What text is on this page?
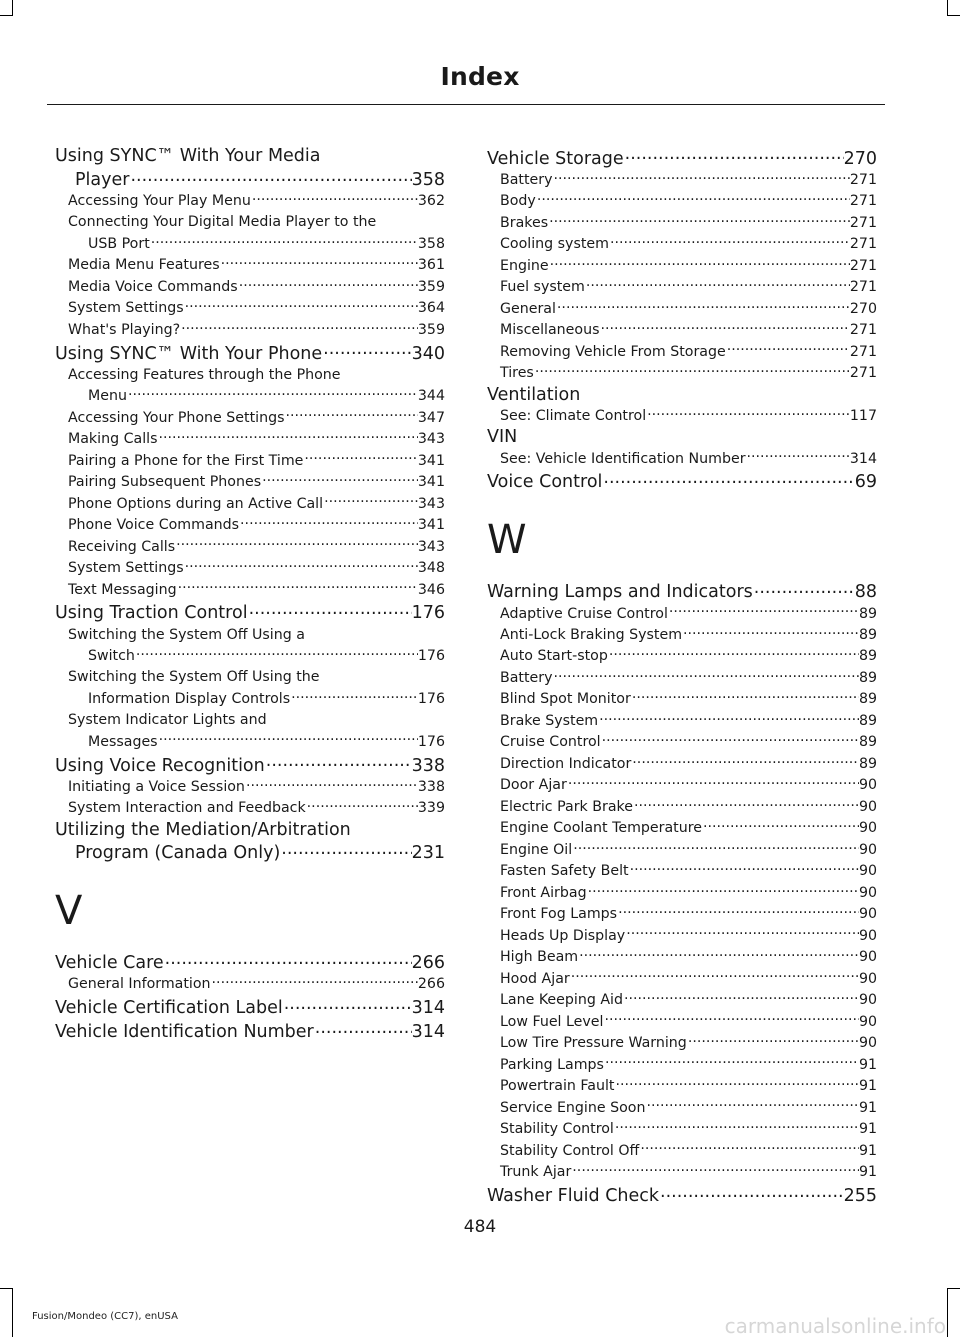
Index
Using SYNC™ With Your Media
Player .....	358
Accessing Your Play Menu .....	362
Connecting Your Digital Media Player to the
USB Port .....	358
Media Menu Features .....	361
Media Voice Commands .....	359
System Settings .....	364
What's Playing? .....	359
Using SYNC™ With Your Phone .....	340
Accessing Features through the Phone
Menu .....	344
Accessing Your Phone Settings .....	347
Making Calls .....	343
Pairing a Phone for the First Time .....	341
Pairing Subsequent Phones .....	341
Phone Options during an Active Call .....	343
Phone Voice Commands .....	341
Receiving Calls .....	343
System Settings .....	348
Text Messaging .....	346
Using Traction Control .....	176
Switching the System Off Using a
Switch .....	176
Switching the System Off Using the
Information Display Controls .....	176
System Indicator Lights and
Messages .....	176
Using Voice Recognition .....	338
Initiating a Voice Session .....	338
System Interaction and Feedback .....	339
Utilizing the Mediation/Arbitration
Program (Canada Only) .....	231
V
Vehicle Care .....	266
General Information .....	266
Vehicle Certification Label .....	314
Vehicle Identification Number .....	314
Vehicle Storage .....	270
Battery .....	271
Body .....	271
Brakes .....	271
Cooling system .....	271
Engine .....	271
Fuel system .....	271
General .....	270
Miscellaneous .....	271
Removing Vehicle From Storage .....	271
Tires .....	271
Ventilation
See: Climate Control .....	117
VIN
See: Vehicle Identification Number .....	314
Voice Control .....	69
W
Warning Lamps and Indicators .....	88
Adaptive Cruise Control .....	89
Anti-Lock Braking System .....	89
Auto Start-stop .....	89
Battery .....	89
Blind Spot Monitor .....	89
Brake System .....	89
Cruise Control .....	89
Direction Indicator .....	89
Door Ajar .....	90
Electric Park Brake .....	90
Engine Coolant Temperature .....	90
Engine Oil .....	90
Fasten Safety Belt .....	90
Front Airbag .....	90
Front Fog Lamps .....	90
Heads Up Display .....	90
High Beam .....	90
Hood Ajar .....	90
Lane Keeping Aid .....	90
Low Fuel Level .....	90
Low Tire Pressure Warning .....	90
Parking Lamps .....	91
Powertrain Fault .....	91
Service Engine Soon .....	91
Stability Control .....	91
Stability Control Off .....	91
Trunk Ajar .....	91
Washer Fluid Check .....	255
484
Fusion/Mondeo (CC7), enUSA	carmanualsonline.info
